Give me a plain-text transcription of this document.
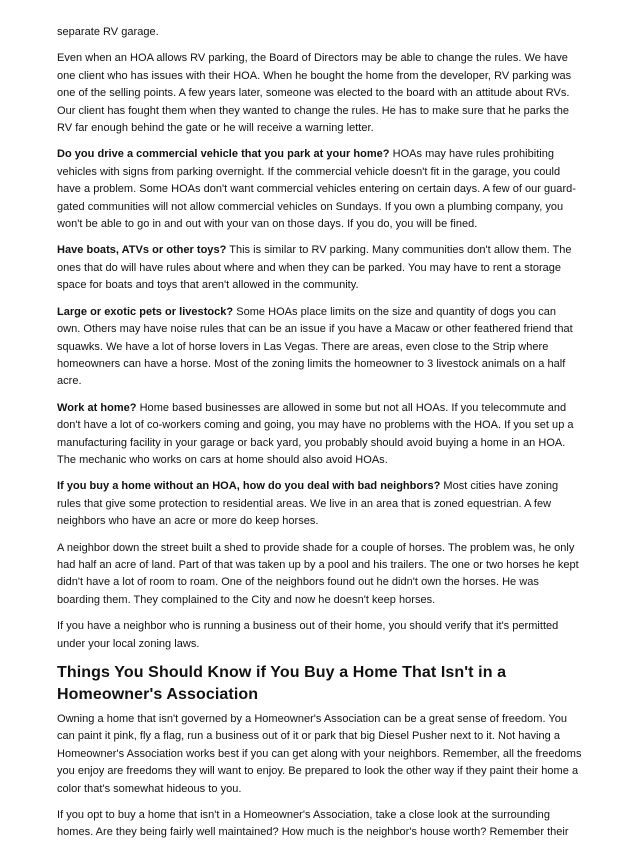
separate RV garage.

Even when an HOA allows RV parking, the Board of Directors may be able to change the rules. We have one client who has issues with their HOA. When he bought the home from the developer, RV parking was one of the selling points. A few years later, someone was elected to the board with an attitude about RVs. Our client has fought them when they wanted to change the rules. He has to make sure that he parks the RV far enough behind the gate or he will receive a warning letter.

Do you drive a commercial vehicle that you park at your home? HOAs may have rules prohibiting vehicles with signs from parking overnight. If the commercial vehicle doesn't fit in the garage, you could have a problem. Some HOAs don't want commercial vehicles entering on certain days. A few of our guard-gated communities will not allow commercial vehicles on Sundays. If you own a plumbing company, you won't be able to go in and out with your van on those days. If you do, you will be fined.

Have boats, ATVs or other toys? This is similar to RV parking. Many communities don't allow them. The ones that do will have rules about where and when they can be parked. You may have to rent a storage space for boats and toys that aren't allowed in the community.

Large or exotic pets or livestock? Some HOAs place limits on the size and quantity of dogs you can own. Others may have noise rules that can be an issue if you have a Macaw or other feathered friend that squawks. We have a lot of horse lovers in Las Vegas. There are areas, even close to the Strip where homeowners can have a horse. Most of the zoning limits the homeowner to 3 livestock animals on a half acre.

Work at home? Home based businesses are allowed in some but not all HOAs. If you telecommute and don't have a lot of co-workers coming and going, you may have no problems with the HOA. If you set up a manufacturing facility in your garage or back yard, you probably should avoid buying a home in an HOA. The mechanic who works on cars at home should also avoid HOAs.

If you buy a home without an HOA, how do you deal with bad neighbors? Most cities have zoning rules that give some protection to residential areas. We live in an area that is zoned equestrian. A few neighbors who have an acre or more do keep horses.

A neighbor down the street built a shed to provide shade for a couple of horses. The problem was, he only had half an acre of land. Part of that was taken up by a pool and his trailers. The one or two horses he kept didn't have a lot of room to roam. One of the neighbors found out he didn't own the horses. He was boarding them. They complained to the City and now he doesn't keep horses.

If you have a neighbor who is running a business out of their home, you should verify that it's permitted under your local zoning laws.

Things You Should Know if You Buy a Home That Isn't in a Homeowner's Association

Owning a home that isn't governed by a Homeowner's Association can be a great sense of freedom. You can paint it pink, fly a flag, run a business out of it or park that big Diesel Pusher next to it. Not having a Homeowner's Association works best if you can get along with your neighbors. Remember, all the freedoms you enjoy are freedoms they will want to enjoy. Be prepared to look the other way if they paint their home a color that's somewhat hideous to you.

If you opt to buy a home that isn't in a Homeowner's Association, take a close look at the surrounding homes. Are they being fairly well maintained? How much is the neighbor's house worth? Remember their
